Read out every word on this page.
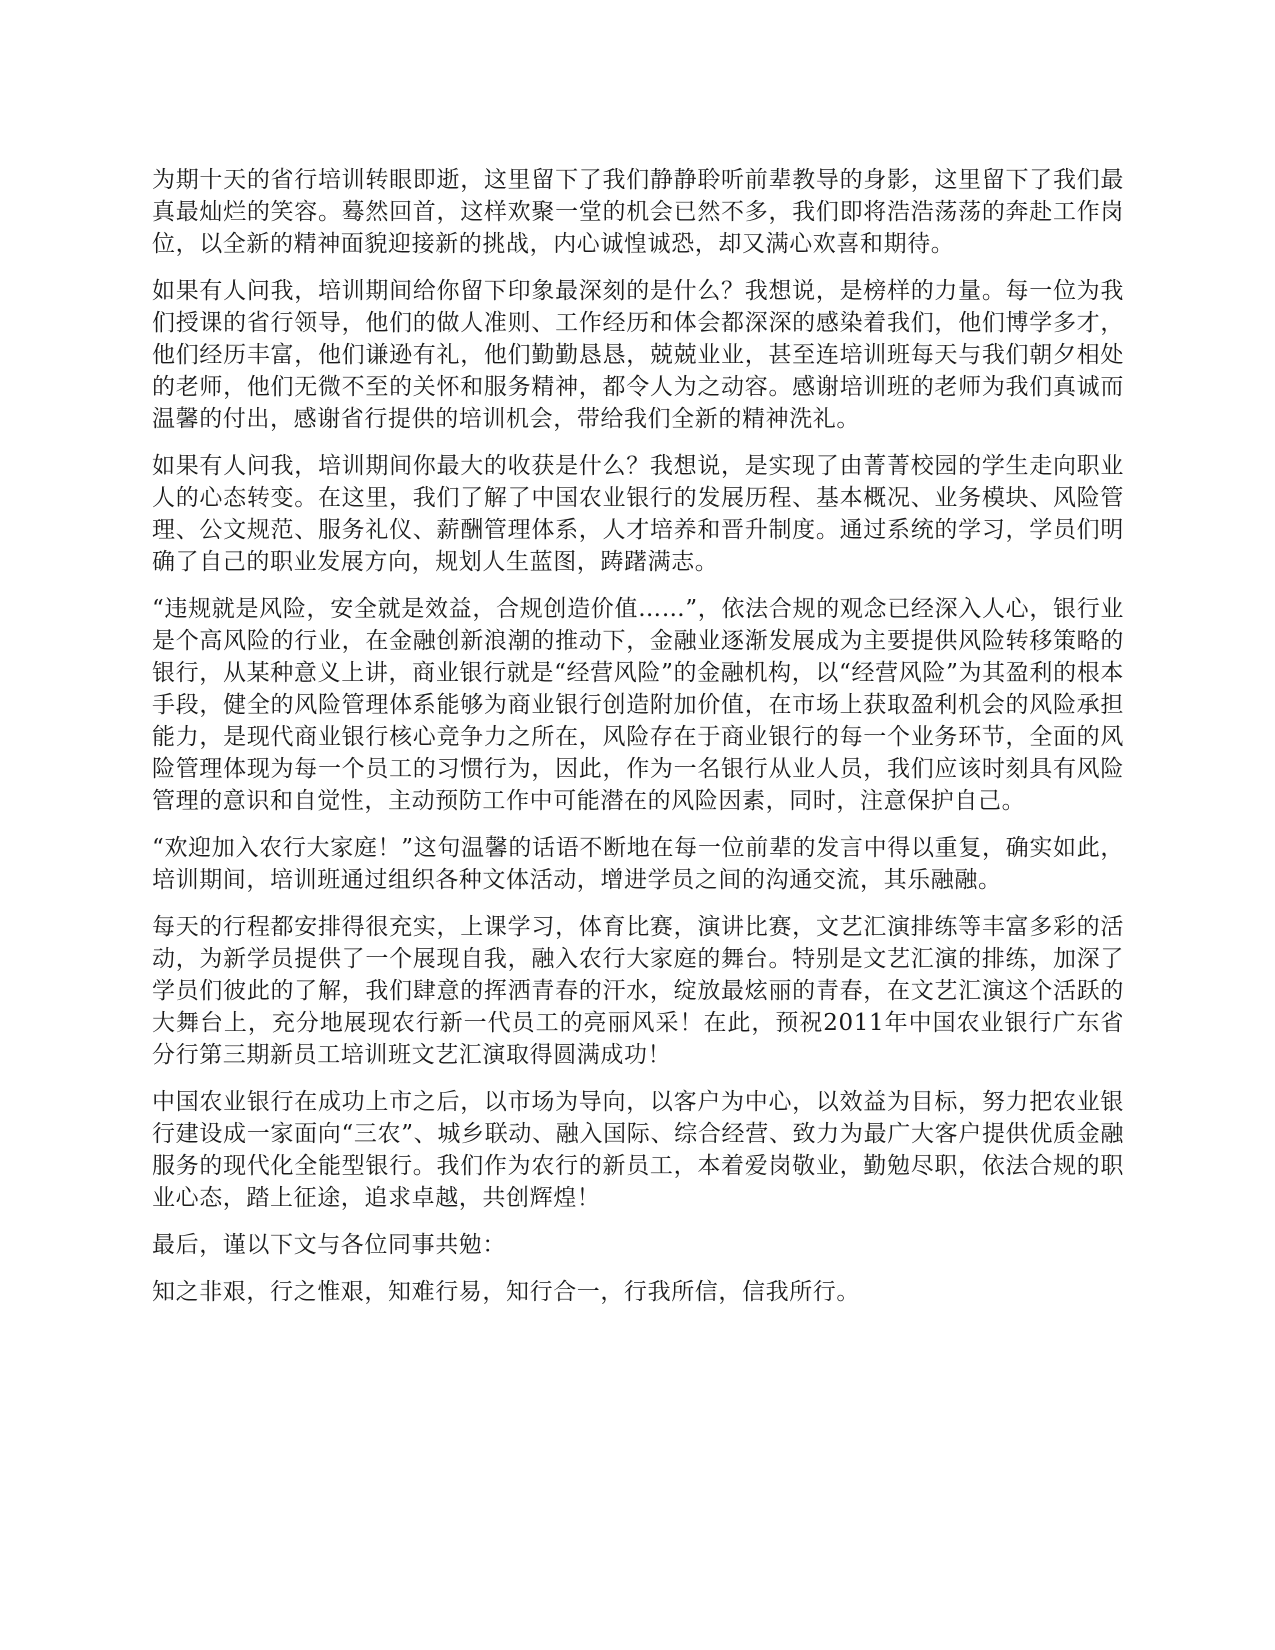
为期十天的省行培训转眼即逝，这里留下了我们静静聆听前辈教导的身影，这里留下了我们最真最灿烂的笑容。蓦然回首，这样欢聚一堂的机会已然不多，我们即将浩浩荡荡的奔赴工作岗位，以全新的精神面貌迎接新的挑战，内心诚惶诚恐，却又满心欢喜和期待。

如果有人问我，培训期间给你留下印象最深刻的是什么？我想说，是榜样的力量。每一位为我们授课的省行领导，他们的做人准则、工作经历和体会都深深的感染着我们，他们博学多才，他们经历丰富，他们谦逊有礼，他们勤勤恳恳，兢兢业业，甚至连培训班每天与我们朝夕相处的老师，他们无微不至的关怀和服务精神，都令人为之动容。感谢培训班的老师为我们真诚而温馨的付出，感谢省行提供的培训机会，带给我们全新的精神洗礼。

如果有人问我，培训期间你最大的收获是什么？我想说，是实现了由菁菁校园的学生走向职业人的心态转变。在这里，我们了解了中国农业银行的发展历程、基本概况、业务模块、风险管理、公文规范、服务礼仪、薪酬管理体系，人才培养和晋升制度。通过系统的学习，学员们明确了自己的职业发展方向，规划人生蓝图，踌躇满志。

“违规就是风险，安全就是效益，合规创造价值……”，依法合规的观念已经深入人心，银行业是个高风险的行业，在金融创新浪潮的推动下，金融业逐渐发展成为主要提供风险转移策略的银行，从某种意义上讲，商业银行就是“经营风险”的金融机构，以“经营风险”为其盈利的根本手段，健全的风险管理体系能够为商业银行创造附加价值，在市场上获取盈利机会的风险承担能力，是现代商业银行核心竞争力之所在，风险存在于商业银行的每一个业务环节，全面的风险管理体现为每一个员工的习惯行为，因此，作为一名银行从业人员，我们应该时刻具有风险管理的意识和自觉性，主动预防工作中可能潜在的风险因素，同时，注意保护自己。

“欢迎加入农行大家庭！”这句温馨的话语不断地在每一位前辈的发言中得以重复，确实如此，培训期间，培训班通过组织各种文体活动，增进学员之间的沟通交流，其乐融融。

每天的行程都安排得很充实，上课学习，体育比赛，演讲比赛，文艺汇演排练等丰富多彩的活动，为新学员提供了一个展现自我，融入农行大家庭的舞台。特别是文艺汇演的排练，加深了学员们彼此的了解，我们肆意的挥洒青春的汗水，绽放最炫丽的青春，在文艺汇演这个活跃的大舞台上，充分地展现农行新一代员工的亮丽风采！在此，预祝2011年中国农业银行广东省分行第三期新员工培训班文艺汇演取得圆满成功！

中国农业银行在成功上市之后，以市场为导向，以客户为中心，以效益为目标，努力把农业银行建设成一家面向“三农”、城乡联动、融入国际、综合经营、致力为最广大客户提供优质金融服务的现代化全能型银行。我们作为农行的新员工，本着爱岗敬业，勤勉尽职，依法合规的职业心态，踏上征途，追求卓越，共创辉煌！

最后，谨以下文与各位同事共勉：

知之非艰，行之惟艰，知难行易，知行合一，行我所信，信我所行。
